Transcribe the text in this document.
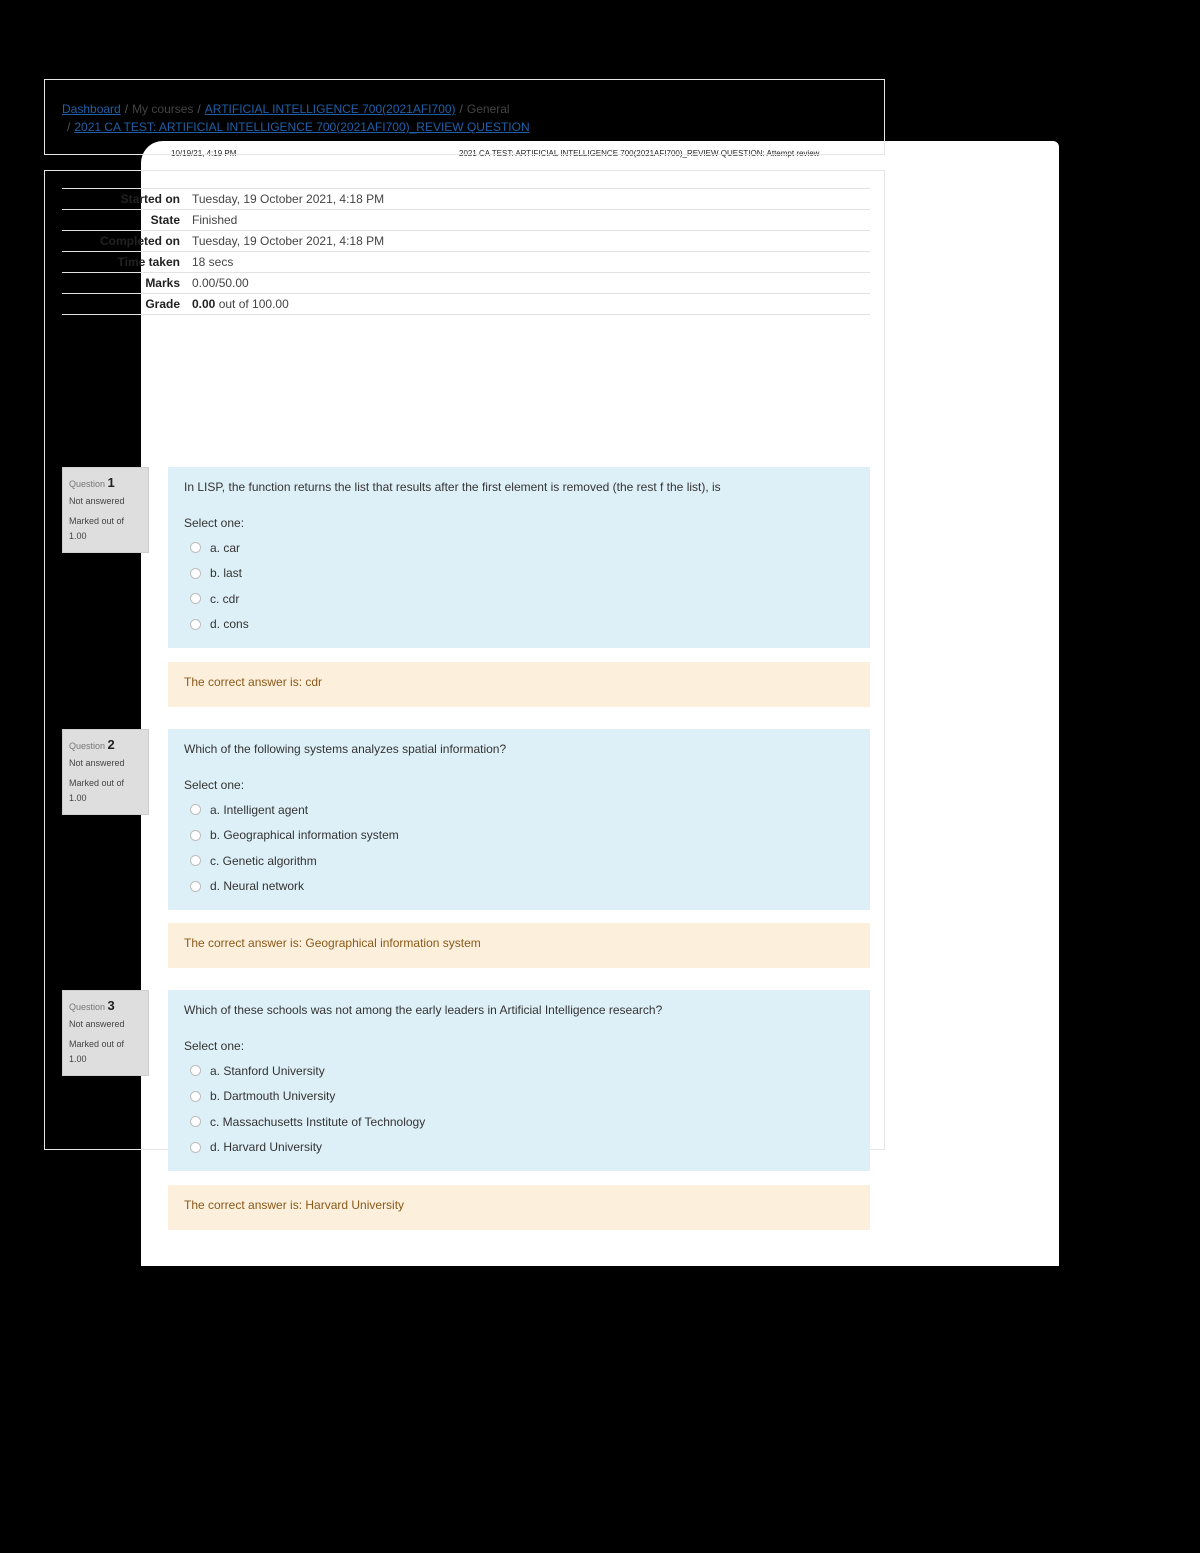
10/19/21, 4:19 PM	2021 CA TEST: ARTIFICIAL INTELLIGENCE 700(2021AFI700)_REVIEW QUESTION: Attempt review
Dashboard / My courses / ARTIFICIAL INTELLIGENCE 700(2021AFI700) / General
/ 2021 CA TEST: ARTIFICIAL INTELLIGENCE 700(2021AFI700)_REVIEW QUESTION
Started on	Tuesday, 19 October 2021, 4:18 PM
State	Finished
Completed on	Tuesday, 19 October 2021, 4:18 PM
Time taken	18 secs
Marks	0.00/50.00
Grade	0.00 out of 100.00
Question 1
Not answered
Marked out of 1.00

In LISP, the function returns the list that results after the first element is removed (the rest f the list), is

Select one:
a. car
b. last
c. cdr
d. cons
The correct answer is: cdr
Question 2
Not answered
Marked out of 1.00

Which of the following systems analyzes spatial information?

Select one:
a. Intelligent agent
b. Geographical information system
c. Genetic algorithm
d. Neural network
The correct answer is: Geographical information system
Question 3
Not answered
Marked out of 1.00

Which of these schools was not among the early leaders in Artificial Intelligence research?

Select one:
a. Stanford University
b. Dartmouth University
c. Massachusetts Institute of Technology
d. Harvard University
The correct answer is: Harvard University
